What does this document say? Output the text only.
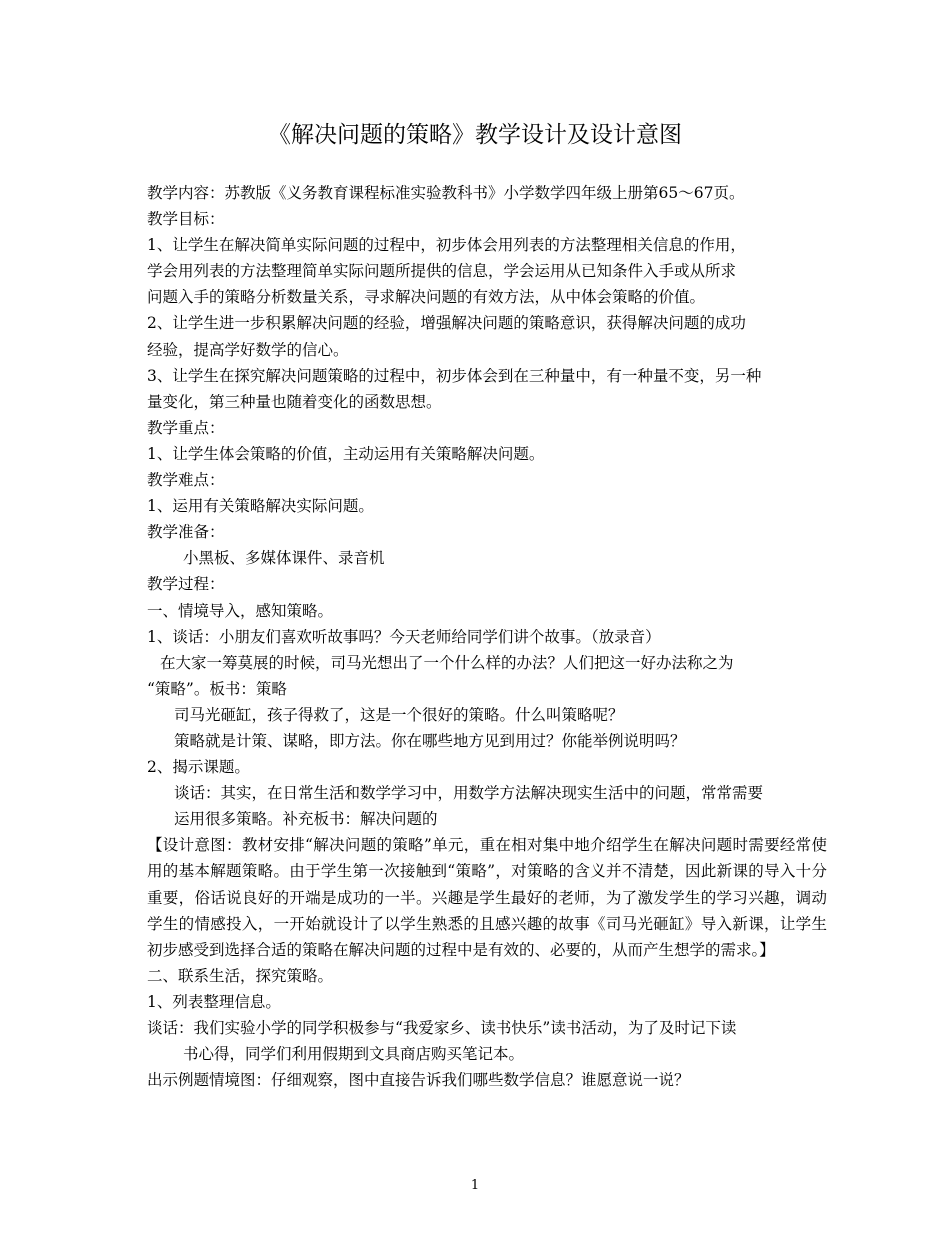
《解决问题的策略》教学设计及设计意图
教学内容：苏教版《义务教育课程标准实验教科书》小学数学四年级上册第65～67页。
教学目标：
1、让学生在解决简单实际问题的过程中，初步体会用列表的方法整理相关信息的作用，
学会用列表的方法整理简单实际问题所提供的信息，学会运用从已知条件入手或从所求
问题入手的策略分析数量关系，寻求解决问题的有效方法，从中体会策略的价值。
2、让学生进一步积累解决问题的经验，增强解决问题的策略意识，获得解决问题的成功
经验，提高学好数学的信心。
3、让学生在探究解决问题策略的过程中，初步体会到在三种量中，有一种量不变，另一种
量变化，第三种量也随着变化的函数思想。
教学重点：
1、让学生体会策略的价值，主动运用有关策略解决问题。
教学难点：
1、运用有关策略解决实际问题。
教学准备：
小黑板、多媒体课件、录音机
教学过程：
一、情境导入，感知策略。
1、谈话：小朋友们喜欢听故事吗？今天老师给同学们讲个故事。（放录音）
在大家一筹莫展的时候，司马光想出了一个什么样的办法？人们把这一好办法称之为
“策略”。板书：策略
司马光砸缸，孩子得救了，这是一个很好的策略。什么叫策略呢？
策略就是计策、谋略，即方法。你在哪些地方见到用过？你能举例说明吗？
2、揭示课题。
谈话：其实，在日常生活和数学学习中，用数学方法解决现实生活中的问题，常常需要
运用很多策略。补充板书：解决问题的
【设计意图：教材安排“解决问题的策略”单元，重在相对集中地介绍学生在解决问题时需要经常使用的基本解题策略。由于学生第一次接触到“策略”，对策略的含义并不清楚，因此新课的导入十分重要，俗话说良好的开端是成功的一半。兴趣是学生最好的老师，为了激发学生的学习兴趣，调动学生的情感投入，一开始就设计了以学生熟悉的且感兴趣的故事《司马光砸缸》导入新课，让学生初步感受到选择合适的策略在解决问题的过程中是有效的、必要的，从而产生想学的需求。】
二、联系生活，探究策略。
1、列表整理信息。
谈话：我们实验小学的同学积极参与“我爱家乡、读书快乐”读书活动，为了及时记下读
书心得，同学们利用假期到文具商店购买笔记本。
出示例题情境图：仔细观察，图中直接告诉我们哪些数学信息？谁愿意说一说？
1
